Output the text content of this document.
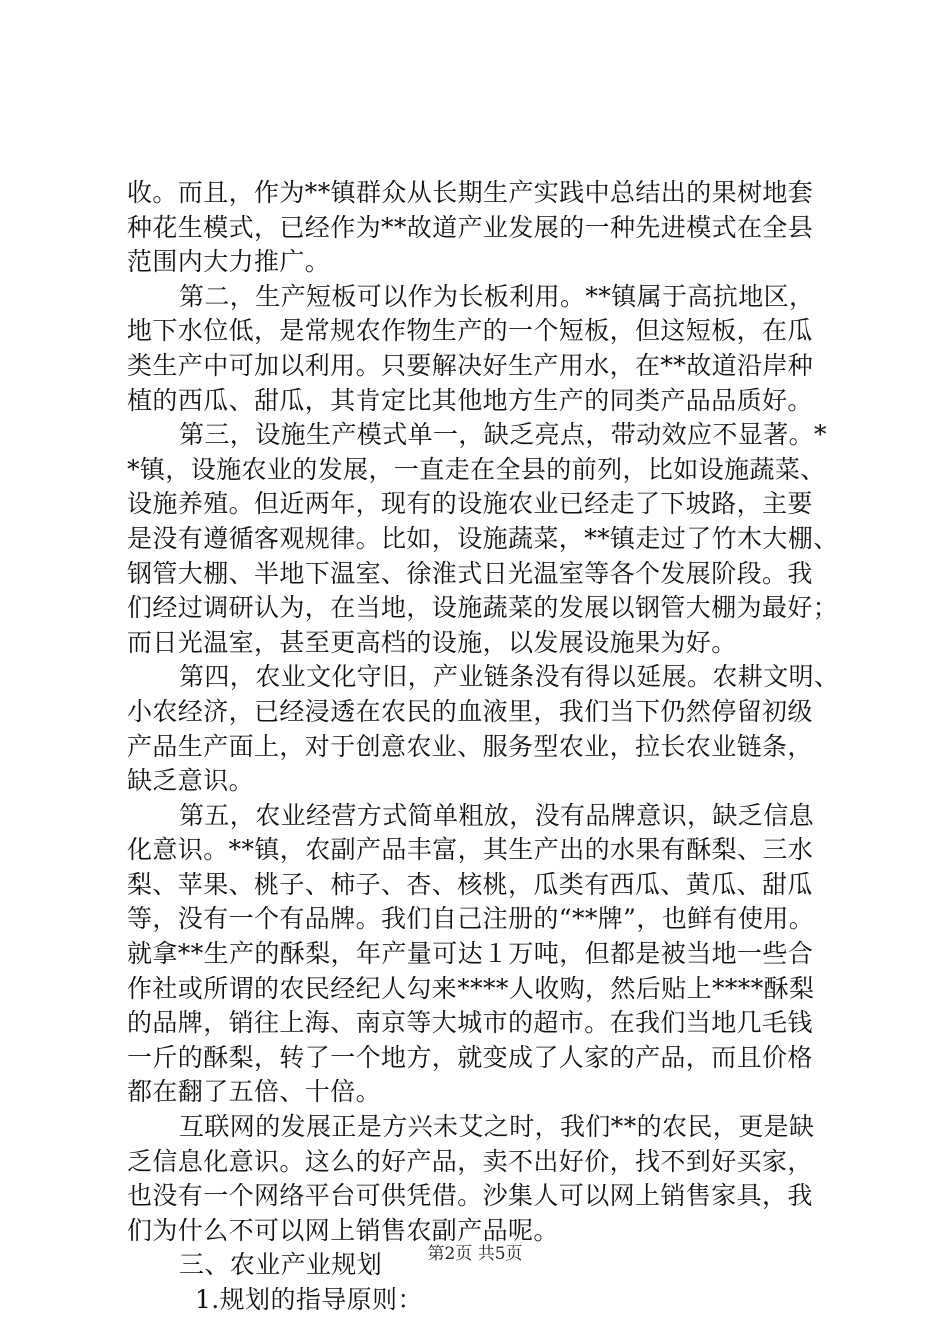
收。而且，作为**镇群众从长期生产实践中总结出的果树地套
种花生模式，已经作为**故道产业发展的一种先进模式在全县
范围内大力推广。
第二，生产短板可以作为长板利用。**镇属于高抗地区，
地下水位低，是常规农作物生产的一个短板，但这短板，在瓜
类生产中可加以利用。只要解决好生产用水，在**故道沿岸种
植的西瓜、甜瓜，其肯定比其他地方生产的同类产品品质好。
第三，设施生产模式单一，缺乏亮点，带动效应不显著。*
*镇，设施农业的发展，一直走在全县的前列，比如设施蔬菜、
设施养殖。但近两年，现有的设施农业已经走了下坡路，主要
是没有遵循客观规律。比如，设施蔬菜，**镇走过了竹木大棚、
钢管大棚、半地下温室、徐淮式日光温室等各个发展阶段。我
们经过调研认为，在当地，设施蔬菜的发展以钢管大棚为最好；
而日光温室，甚至更高档的设施，以发展设施果为好。
第四，农业文化守旧，产业链条没有得以延展。农耕文明、
小农经济，已经浸透在农民的血液里，我们当下仍然停留初级
产品生产面上，对于创意农业、服务型农业，拉长农业链条，
缺乏意识。
第五，农业经营方式简单粗放，没有品牌意识，缺乏信息
化意识。**镇，农副产品丰富，其生产出的水果有酥梨、三水
梨、苹果、桃子、柿子、杏、核桃，瓜类有西瓜、黄瓜、甜瓜
等，没有一个有品牌。我们自己注册的“**牌”，也鲜有使用。
就拿**生产的酥梨，年产量可达１万吨，但都是被当地一些合
作社或所谓的农民经纪人勾来****人收购，然后贴上****酥梨
的品牌，销往上海、南京等大城市的超市。在我们当地几毛钱
一斤的酥梨，转了一个地方，就变成了人家的产品，而且价格
都在翻了五倍、十倍。
互联网的发展正是方兴未艾之时，我们**的农民，更是缺
乏信息化意识。这么的好产品，卖不出好价，找不到好买家，
也没有一个网络平台可供凭借。沙集人可以网上销售家具，我
们为什么不可以网上销售农副产品呢。
三、农业产业规划
1.规划的指导原则：
第2页 共5页
